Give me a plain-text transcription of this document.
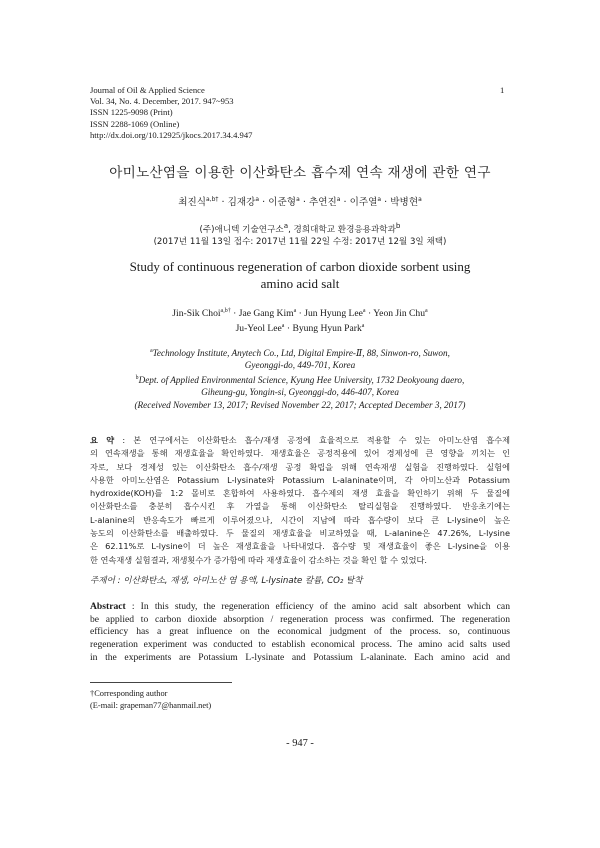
Journal of Oil & Applied Science
Vol. 34, No. 4. December, 2017. 947~953
ISSN 1225-9098 (Print)
ISSN 2288-1069 (Online)
http://dx.doi.org/10.12925/jkocs.2017.34.4.947
1
아미노산염을 이용한 이산화탄소 흡수제 연속 재생에 관한 연구
최진식$^{a,b\dagger}$ · 김재강$^a$ · 이준형$^a$ · 추연진$^a$ · 이주열$^a$ · 박병현$^a$
(주)애니텍 기술연구소$^a$, 경희대학교 환경응용과학과$^b$
(2017년 11월 13일 접수: 2017년 11월 22일 수정: 2017년 12월 3일 채택)
Study of continuous regeneration of carbon dioxide sorbent using
amino acid salt
Jin-Sik Choi$^{a,b\dagger}$ · Jae Gang Kim$^a$ · Jun Hyung Lee$^a$ · Yeon Jin Chu$^a$
Ju-Yeol Lee$^a$ · Byung Hyun Park$^a$
$^a$Technology Institute, Anytech Co., Ltd, Digital Empire-Ⅱ, 88, Sinwon-ro, Suwon,
Gyeonggi-do, 449-701, Korea
$^b$Dept. of Applied Environmental Science, Kyung Hee University, 1732 Deokyoung daero,
Giheung-gu, Yongin-si, Gyeonggi-do, 446-407, Korea
(Received November 13, 2017; Revised November 22, 2017; Accepted December 3, 2017)
요 약 : 본 연구에서는 이산화탄소 흡수/재생 공정에 효율적으로 적용할 수 있는 아미노산염 흡수제
의 연속재생을 통해 재생효율을 확인하였다. 재생효율은 공정적용에 있어 경제성에 큰 영향을 끼치는 인
자로, 보다 경제성 있는 이산화탄소 흡수/재생 공정 확립을 위해 연속재생 실험을 진행하였다. 실험에
사용한 아미노산염은 Potassium L-lysinate와 Potassium L-alaninate이며, 각 아미노산과 Potassium
hydroxide(KOH)를 1:2 몰비로 혼합하여 사용하였다. 흡수제의 재생 효율을 확인하기 위해 두 물질에
이산화탄소를 충분히 흡수시킨 후 가열을 통해 이산화탄소 탈리실험을 진행하였다. 반응초기에는
L-alanine의 반응속도가 빠르게 이루어졌으나, 시간이 지남에 따라 흡수량이 보다 큰 L-lysine이 높은
농도의 이산화탄소를 배출하였다. 두 물질의 재생효율을 비교하였을 때, L-alanine은 47.26%, L-lysine
은 62.11%로 L-lysine이 더 높은 재생효율을 나타내었다. 흡수량 및 재생효율이 좋은 L-lysine을 이용
한 연속재생 실험결과, 재생횟수가 증가함에 따라 재생효율이 감소하는 것을 확인 할 수 있었다.
주제어 : 이산화탄소, 재생, 아미노산 염 용액, L-lysinate 칼륨, CO₂ 탈착
Abstract : In this study, the regeneration efficiency of the amino acid salt absorbent which can
be applied to carbon dioxide absorption / regeneration process was confirmed. The regeneration
efficiency has a great influence on the economical judgment of the process. so, continuous
regeneration experiment was conducted to establish economical process. The amino acid salts used
in the experiments are Potassium L-lysinate and Potassium L-alaninate. Each amino acid and
†Corresponding author
(E-mail: grapeman77@hanmail.net)
- 947 -
